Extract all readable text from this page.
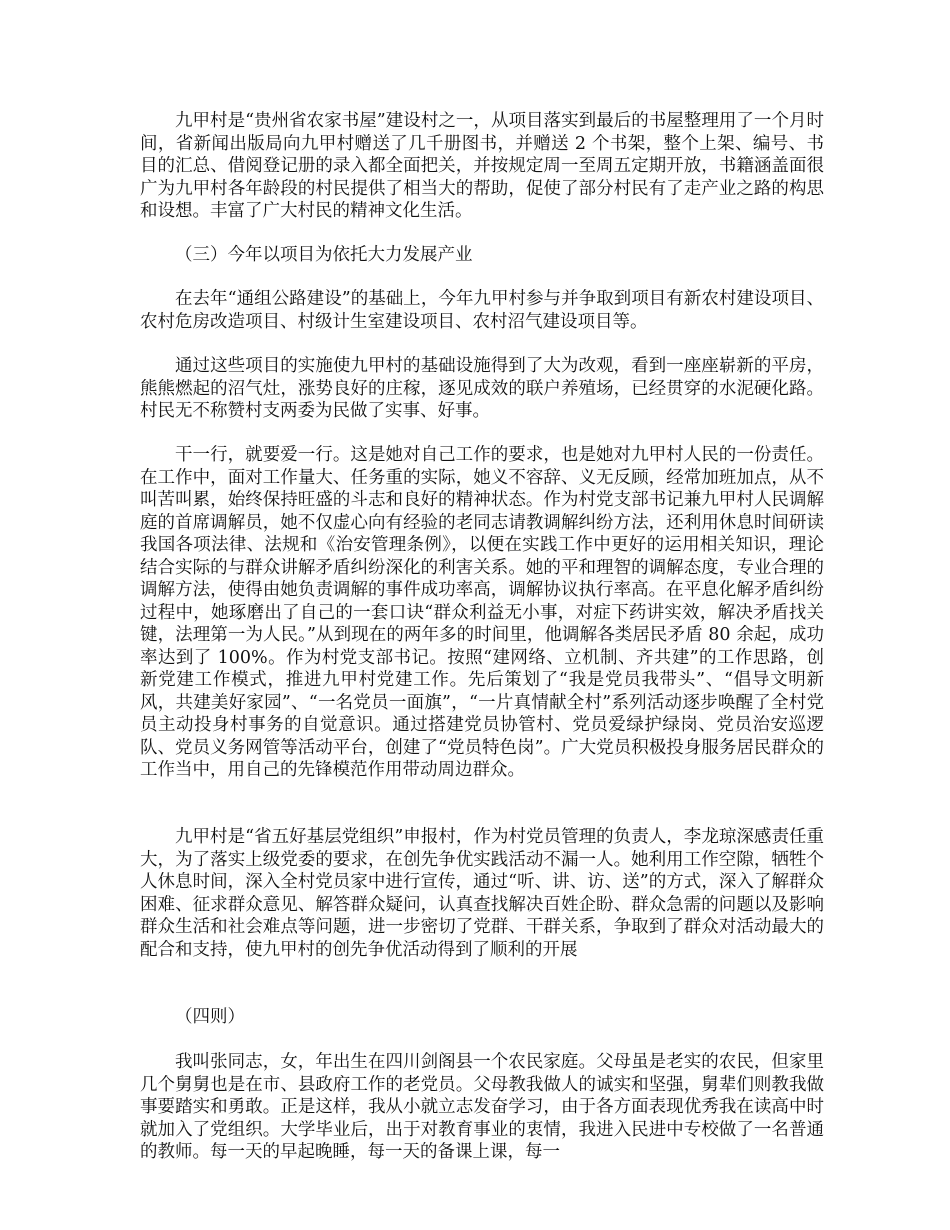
九甲村是“贵州省农家书屋”建设村之一，从项目落实到最后的书屋整理用了一个月时间，省新闻出版局向九甲村赠送了几千册图书，并赠送 2 个书架，整个上架、编号、书目的汇总、借阅登记册的录入都全面把关，并按规定周一至周五定期开放，书籍涵盖面很广为九甲村各年龄段的村民提供了相当大的帮助，促使了部分村民有了走产业之路的构思和设想。丰富了广大村民的精神文化生活。

（三）今年以项目为依托大力发展产业

在去年“通组公路建设”的基础上，今年九甲村参与并争取到项目有新农村建设项目、农村危房改造项目、村级计生室建设项目、农村沼气建设项目等。

通过这些项目的实施使九甲村的基础设施得到了大为改观，看到一座座崭新的平房，熊熊燃起的沼气灶，涨势良好的庄稼，逐见成效的联户养殖场，已经贯穿的水泥硬化路。村民无不称赞村支两委为民做了实事、好事。

干一行，就要爱一行。这是她对自己工作的要求，也是她对九甲村人民的一份责任。在工作中，面对工作量大、任务重的实际，她义不容辞、义无反顾，经常加班加点，从不叫苦叫累，始终保持旺盛的斗志和良好的精神状态。作为村党支部书记兼九甲村人民调解庭的首席调解员，她不仅虚心向有经验的老同志请教调解纠纷方法，还利用休息时间研读我国各项法律、法规和《治安管理条例》，以便在实践工作中更好的运用相关知识，理论结合实际的与群众讲解矛盾纠纷深化的利害关系。她的平和理智的调解态度，专业合理的调解方法，使得由她负责调解的事件成功率高，调解协议执行率高。在平息化解矛盾纠纷过程中，她琢磨出了自己的一套口诀“群众利益无小事，对症下药讲实效，解决矛盾找关键，法理第一为人民。”从到现在的两年多的时间里，他调解各类居民矛盾 80 余起，成功率达到了 100%。作为村党支部书记。按照“建网络、立机制、齐共建”的工作思路，创新党建工作模式，推进九甲村党建工作。先后策划了“我是党员我带头”、“倡导文明新风，共建美好家园”、“一名党员一面旗”，“一片真情献全村”系列活动逐步唤醒了全村党员主动投身村事务的自觉意识。通过搭建党员协管村、党员爱绿护绿岗、党员治安巡逻队、党员义务网管等活动平台，创建了“党员特色岗”。广大党员积极投身服务居民群众的工作当中，用自己的先锋模范作用带动周边群众。

九甲村是“省五好基层党组织”申报村，作为村党员管理的负责人，李龙琼深感责任重大，为了落实上级党委的要求，在创先争优实践活动不漏一人。她利用工作空隙，牺牲个人休息时间，深入全村党员家中进行宣传，通过“听、讲、访、送”的方式，深入了解群众困难、征求群众意见、解答群众疑问，认真查找解决百姓企盼、群众急需的问题以及影响群众生活和社会难点等问题，进一步密切了党群、干群关系，争取到了群众对活动最大的配合和支持，使九甲村的创先争优活动得到了顺利的开展

（四则）

我叫张同志，女，年出生在四川剑阁县一个农民家庭。父母虽是老实的农民，但家里几个舅舅也是在市、县政府工作的老党员。父母教我做人的诚实和坚强，舅辈们则教我做事要踏实和勇敢。正是这样，我从小就立志发奋学习，由于各方面表现优秀我在读高中时就加入了党组织。大学毕业后，出于对教育事业的衷情，我进入民进中专校做了一名普通的教师。每一天的早起晚睡，每一天的备课上课，每一
